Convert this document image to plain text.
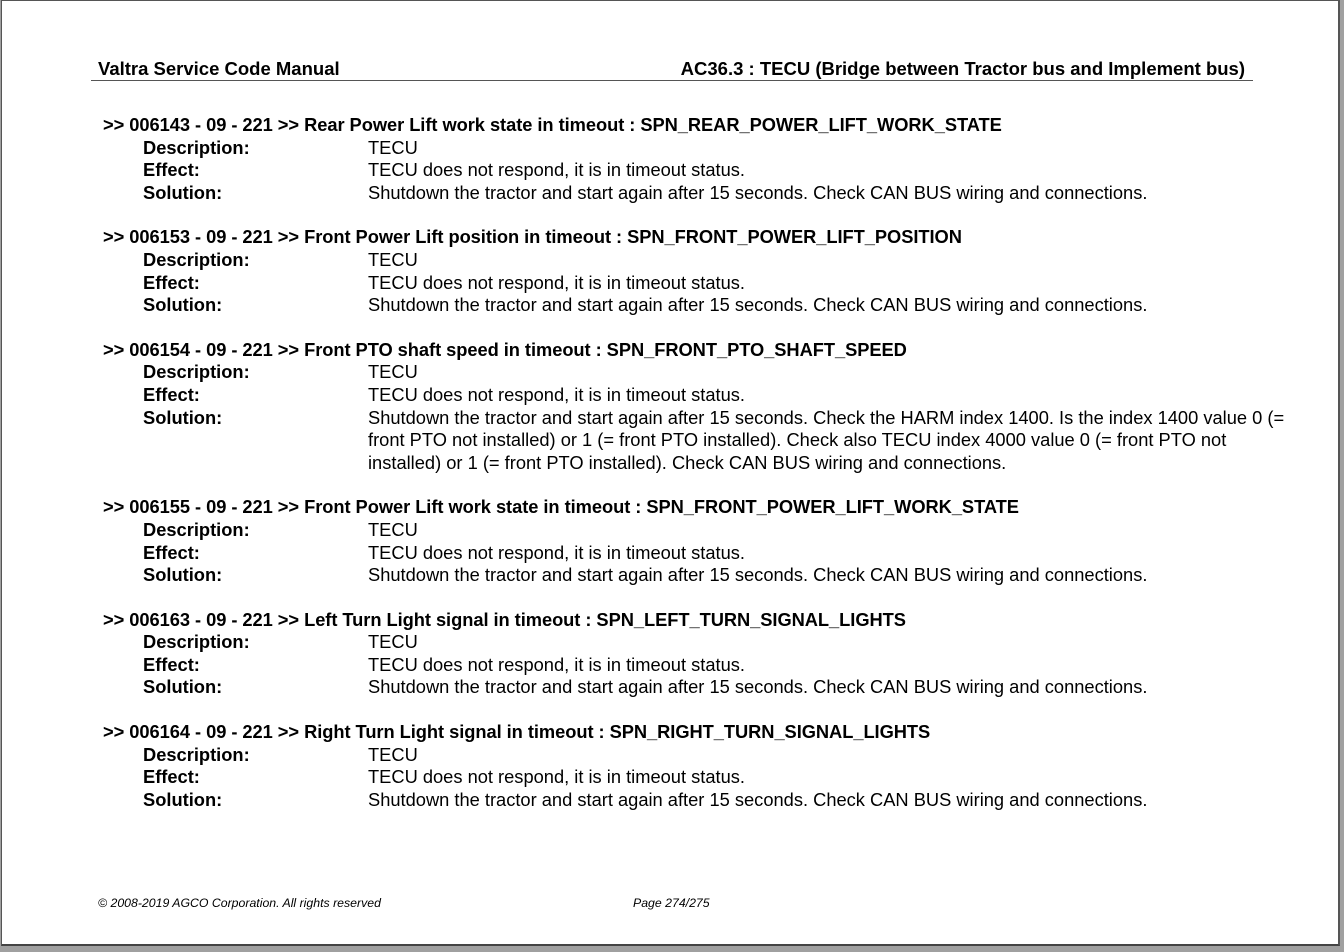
Valtra Service Code Manual	AC36.3 : TECU (Bridge between Tractor bus and Implement bus)
>> 006143 - 09 - 221 >> Rear Power Lift work state in timeout : SPN_REAR_POWER_LIFT_WORK_STATE
Description:	TECU
Effect:	TECU does not respond, it is in timeout status.
Solution:	Shutdown the tractor and start again after 15 seconds. Check CAN BUS wiring and connections.
>> 006153 - 09 - 221 >> Front Power Lift position in timeout : SPN_FRONT_POWER_LIFT_POSITION
Description:	TECU
Effect:	TECU does not respond, it is in timeout status.
Solution:	Shutdown the tractor and start again after 15 seconds. Check CAN BUS wiring and connections.
>> 006154 - 09 - 221 >> Front PTO shaft speed in timeout : SPN_FRONT_PTO_SHAFT_SPEED
Description:	TECU
Effect:	TECU does not respond, it is in timeout status.
Solution:	Shutdown the tractor and start again after 15 seconds. Check the HARM index 1400. Is the index 1400 value 0 (= front PTO not installed) or 1 (= front PTO installed). Check also TECU index 4000 value 0 (= front PTO not installed) or 1 (= front PTO installed). Check CAN BUS wiring and connections.
>> 006155 - 09 - 221 >> Front Power Lift work state in timeout : SPN_FRONT_POWER_LIFT_WORK_STATE
Description:	TECU
Effect:	TECU does not respond, it is in timeout status.
Solution:	Shutdown the tractor and start again after 15 seconds. Check CAN BUS wiring and connections.
>> 006163 - 09 - 221 >> Left Turn Light signal in timeout : SPN_LEFT_TURN_SIGNAL_LIGHTS
Description:	TECU
Effect:	TECU does not respond, it is in timeout status.
Solution:	Shutdown the tractor and start again after 15 seconds. Check CAN BUS wiring and connections.
>> 006164 - 09 - 221 >> Right Turn Light signal in timeout : SPN_RIGHT_TURN_SIGNAL_LIGHTS
Description:	TECU
Effect:	TECU does not respond, it is in timeout status.
Solution:	Shutdown the tractor and start again after 15 seconds. Check CAN BUS wiring and connections.
© 2008-2019 AGCO Corporation. All rights reserved	Page 274/275
